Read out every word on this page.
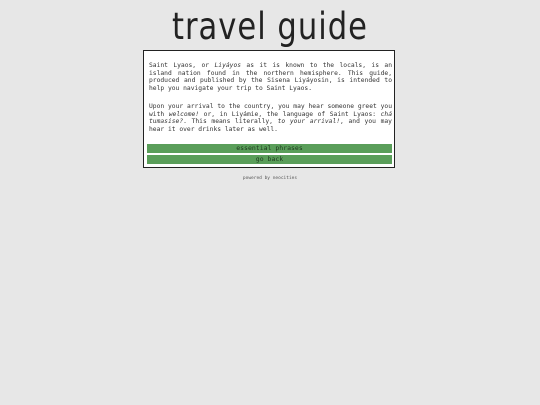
travel guide
Saint Lyaos, or Liyáyos as it is known to the locals, is an island nation found in the northern hemisphere. This guide, produced and published by the Sisena Liyáyosin, is intended to help you navigate your trip to Saint Lyaos.
Upon your arrival to the country, you may hear someone greet you with welcome! or, in Liyámie, the language of Saint Lyaos: chá tumasise?. This means literally, to your arrival!, and you may hear it over drinks later as well.
essential phrases
go back
powered by neocities
